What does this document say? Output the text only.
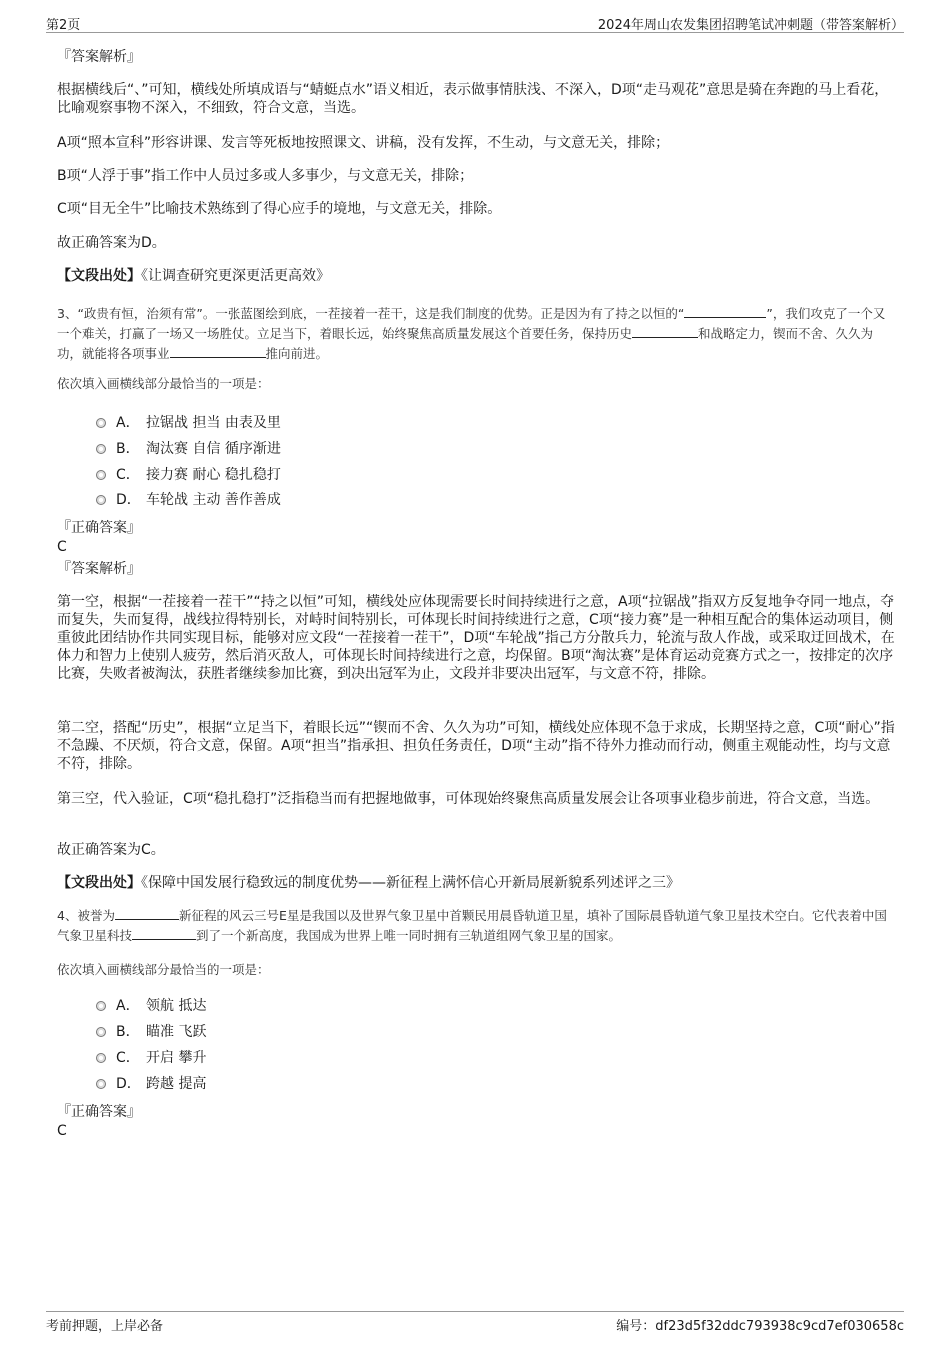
第2页	2024年周山农发集团招聘笔试冲刺题（带答案解析）

『答案解析』

根据横线后“、”可知，横线处所填成语与“蜻蜓点水”语义相近，表示做事情肤浅、不深入，D项“走马观花”意思是骑在奔跑的马上看花，比喻观察事物不深入，不细致，符合文意，当选。

A项“照本宣科”形容讲课、发言等死板地按照课文、讲稿，没有发挥，不生动，与文意无关，排除；

B项“人浮于事”指工作中人员过多或人多事少，与文意无关，排除；

C项“目无全牛”比喻技术熟练到了得心应手的境地，与文意无关，排除。

故正确答案为D。

【文段出处】《让调查研究更深更活更高效》

3、“政贵有恒，治须有常”。一张蓝图绘到底，一茬接着一茬干，这是我们制度的优势。正是因为有了持之以恒的“	”，我们攻克了一个又一个难关，打赢了一场又一场胜仗。立足当下，着眼长远，始终聚焦高质量发展这个首要任务，保持历史	和战略定力，锲而不舍、久久为功，就能将各项事业	推向前进。

依次填入画横线部分最恰当的一项是：

A． 拉锯战 担当 由表及里
B． 淘汰赛 自信 循序渐进
C． 接力赛 耐心 稳扎稳打
D． 车轮战 主动 善作善成

『正确答案』

C

『答案解析』

第一空，根据“一茬接着一茬干”“持之以恒”可知，横线处应体现需要长时间持续进行之意，A项“拉锯战”指双方反复地争夺同一地点，夺而复失，失而复得，战线拉得特别长，对峙时间特别长，可体现长时间持续进行之意，C项“接力赛”是一种相互配合的集体运动项目，侧重彼此团结协作共同实现目标，能够对应文段“一茬接着一茬干”，D项“车轮战”指己方分散兵力，轮流与敌人作战，或采取迂回战术，在体力和智力上使别人疲劳，然后消灭敌人，可体现长时间持续进行之意，均保留。B项“淘汰赛”是体育运动竞赛方式之一，按排定的次序比赛，失败者被淘汰，获胜者继续参加比赛，到决出冠军为止，文段并非要决出冠军，与文意不符，排除。

第二空，搭配“历史”，根据“立足当下，着眼长远”“锲而不舍、久久为功”可知，横线处应体现不急于求成，长期坚持之意，C项“耐心”指不急躁、不厌烦，符合文意，保留。A项“担当”指承担、担负任务责任，D项“主动”指不待外力推动而行动，侧重主观能动性，均与文意不符，排除。

第三空，代入验证，C项“稳扎稳打”泛指稳当而有把握地做事，可体现始终聚焦高质量发展会让各项事业稳步前进，符合文意，当选。

故正确答案为C。

【文段出处】《保障中国发展行稳致远的制度优势——新征程上满怀信心开新局展新貌系列述评之三》

4、被誉为	新征程的风云三号E星是我国以及世界气象卫星中首颗民用晨昏轨道卫星，填补了国际晨昏轨道气象卫星技术空白。它代表着中国气象卫星科技	到了一个新高度，我国成为世界上唯一同时拥有三轨道组网气象卫星的国家。

依次填入画横线部分最恰当的一项是：

A． 领航 抵达
B． 瞄准 飞跃
C． 开启 攀升
D． 跨越 提高

『正确答案』

C

考前押题，上岸必备	编号：df23d5f32ddc793938c9cd7ef030658c
